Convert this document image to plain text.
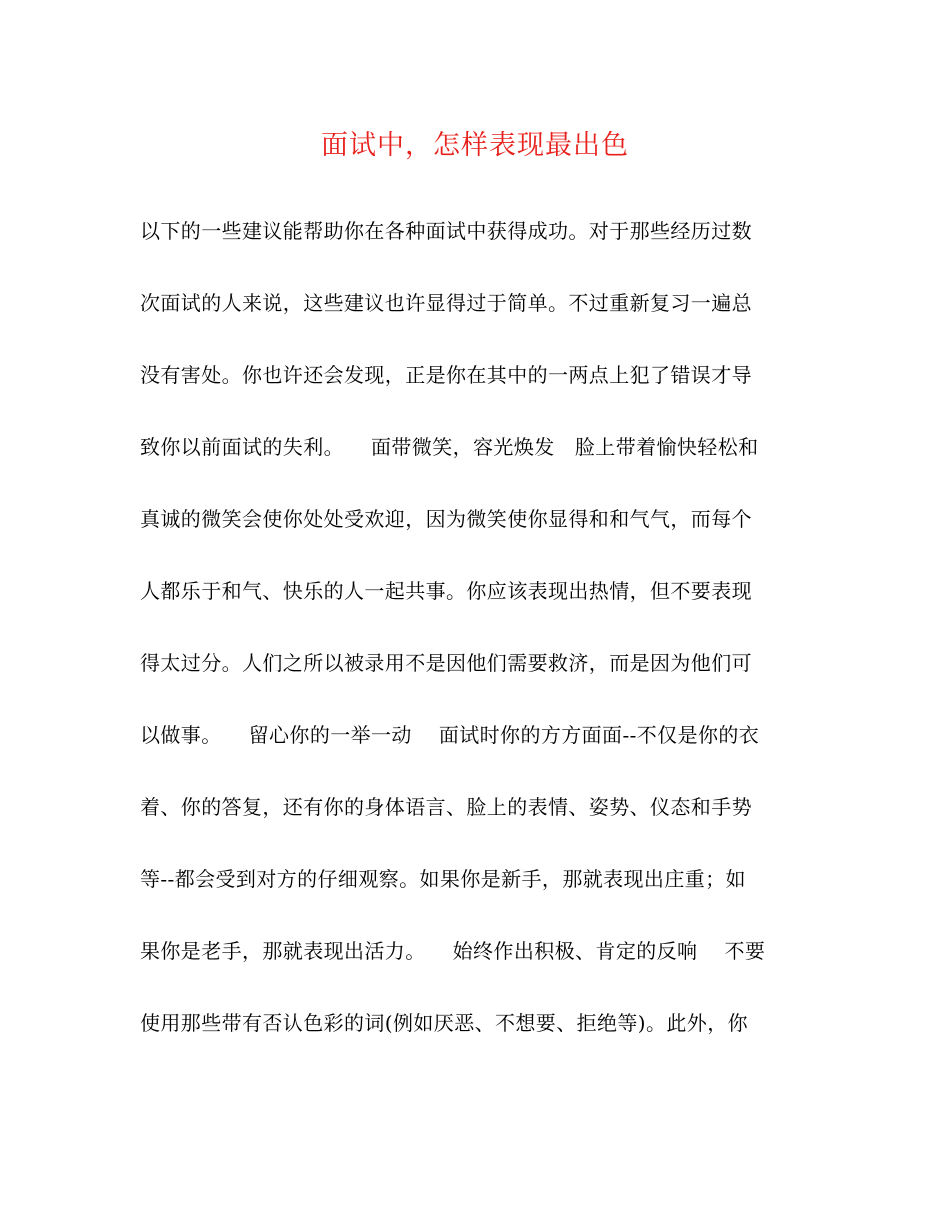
面试中，怎样表现最出色
以下的一些建议能帮助你在各种面试中获得成功。对于那些经历过数
次面试的人来说，这些建议也许显得过于简单。不过重新复习一遍总
没有害处。你也许还会发现，正是你在其中的一两点上犯了错误才导
致你以前面试的失利。    面带微笑，容光焕发   脸上带着愉快轻松和
真诚的微笑会使你处处受欢迎，因为微笑使你显得和和气气，而每个
人都乐于和气、快乐的人一起共事。你应该表现出热情，但不要表现
得太过分。人们之所以被录用不是因他们需要救济，而是因为他们可
以做事。    留心你的一举一动    面试时你的方方面面--不仅是你的衣
着、你的答复，还有你的身体语言、脸上的表情、姿势、仪态和手势
等--都会受到对方的仔细观察。如果你是新手，那就表现出庄重；如
果你是老手，那就表现出活力。    始终作出积极、肯定的反响    不要
使用那些带有否认色彩的词(例如厌恶、不想要、拒绝等)。此外，你
